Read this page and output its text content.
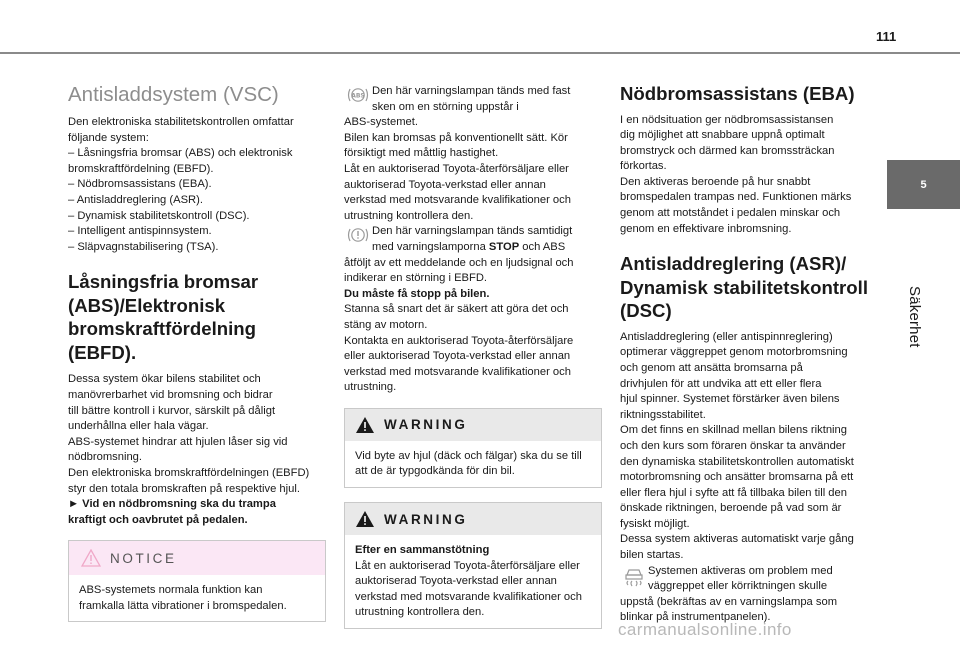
111
5
Säkerhet
Antisladdsystem (VSC)
Den elektroniska stabilitetskontrollen omfattar
följande system:
– Låsningsfria bromsar (ABS) och elektronisk
bromskraftfördelning (EBFD).
– Nödbromsassistans (EBA).
– Antisladdreglering (ASR).
– Dynamisk stabilitetskontroll (DSC).
– Intelligent antispinnsystem.
– Släpvagnstabilisering (TSA).
Låsningsfria bromsar
(ABS)/Elektronisk
bromskraftfördelning
(EBFD).
Dessa system ökar bilens stabilitet och
manövrerbarhet vid bromsning och bidrar
till bättre kontroll i kurvor, särskilt på dåligt
underhållna eller hala vägar.
ABS-systemet hindrar att hjulen låser sig vid
nödbromsning.
Den elektroniska bromskraftfördelningen (EBFD)
styr den totala bromskraften på respektive hjul.
► Vid en nödbromsning ska du trampa
kraftigt och oavbrutet på pedalen.
NOTICE
ABS-systemets normala funktion kan
framkalla lätta vibrationer i bromspedalen.
ABS Den här varningslampan tänds med fast
sken om en störning uppstår i
ABS-systemet.
Bilen kan bromsas på konventionellt sätt. Kör
försiktigt med måttlig hastighet.
Låt en auktoriserad Toyota-återförsäljare eller
auktoriserad Toyota-verkstad eller annan
verkstad med motsvarande kvalifikationer och
utrustning kontrollera den.
Den här varningslampan tänds samtidigt
med varningslamporna STOP och ABS
åtföljt av ett meddelande och en ljudsignal och
indikerar en störning i EBFD.
Du måste få stopp på bilen.
Stanna så snart det är säkert att göra det och
stäng av motorn.
Kontakta en auktoriserad Toyota-återförsäljare
eller auktoriserad Toyota-verkstad eller annan
verkstad med motsvarande kvalifikationer och
utrustning.
WARNING
Vid byte av hjul (däck och fälgar) ska du se till
att de är typgodkända för din bil.
WARNING
Efter en sammanstötning
Låt en auktoriserad Toyota-återförsäljare eller
auktoriserad Toyota-verkstad eller annan
verkstad med motsvarande kvalifikationer och
utrustning kontrollera den.
Nödbromsassistans (EBA)
I en nödsituation ger nödbromsassistansen
dig möjlighet att snabbare uppnå optimalt
bromstryck och därmed kan bromssträckan
förkortas.
Den aktiveras beroende på hur snabbt
bromspedalen trampas ned. Funktionen märks
genom att motståndet i pedalen minskar och
genom en effektivare inbromsning.
Antisladdreglering (ASR)/
Dynamisk stabilitetskontroll
(DSC)
Antisladdreglering (eller antispinnreglering)
optimerar väggreppet genom motorbromsning
och genom att ansätta bromsarna på
drivhjulen för att undvika att ett eller flera
hjul spinner. Systemet förstärker även bilens
riktningsstabilitet.
Om det finns en skillnad mellan bilens riktning
och den kurs som föraren önskar ta använder
den dynamiska stabilitetskontrollen automatiskt
motorbromsning och ansätter bromsarna på ett
eller flera hjul i syfte att få tillbaka bilen till den
önskade riktningen, beroende på vad som är
fysiskt möjligt.
Dessa system aktiveras automatiskt varje gång
bilen startas.
Systemen aktiveras om problem med
väggreppet eller körriktningen skulle
uppstå (bekräftas av en varningslampa som
blinkar på instrumentpanelen).
carmanualsonline.info
